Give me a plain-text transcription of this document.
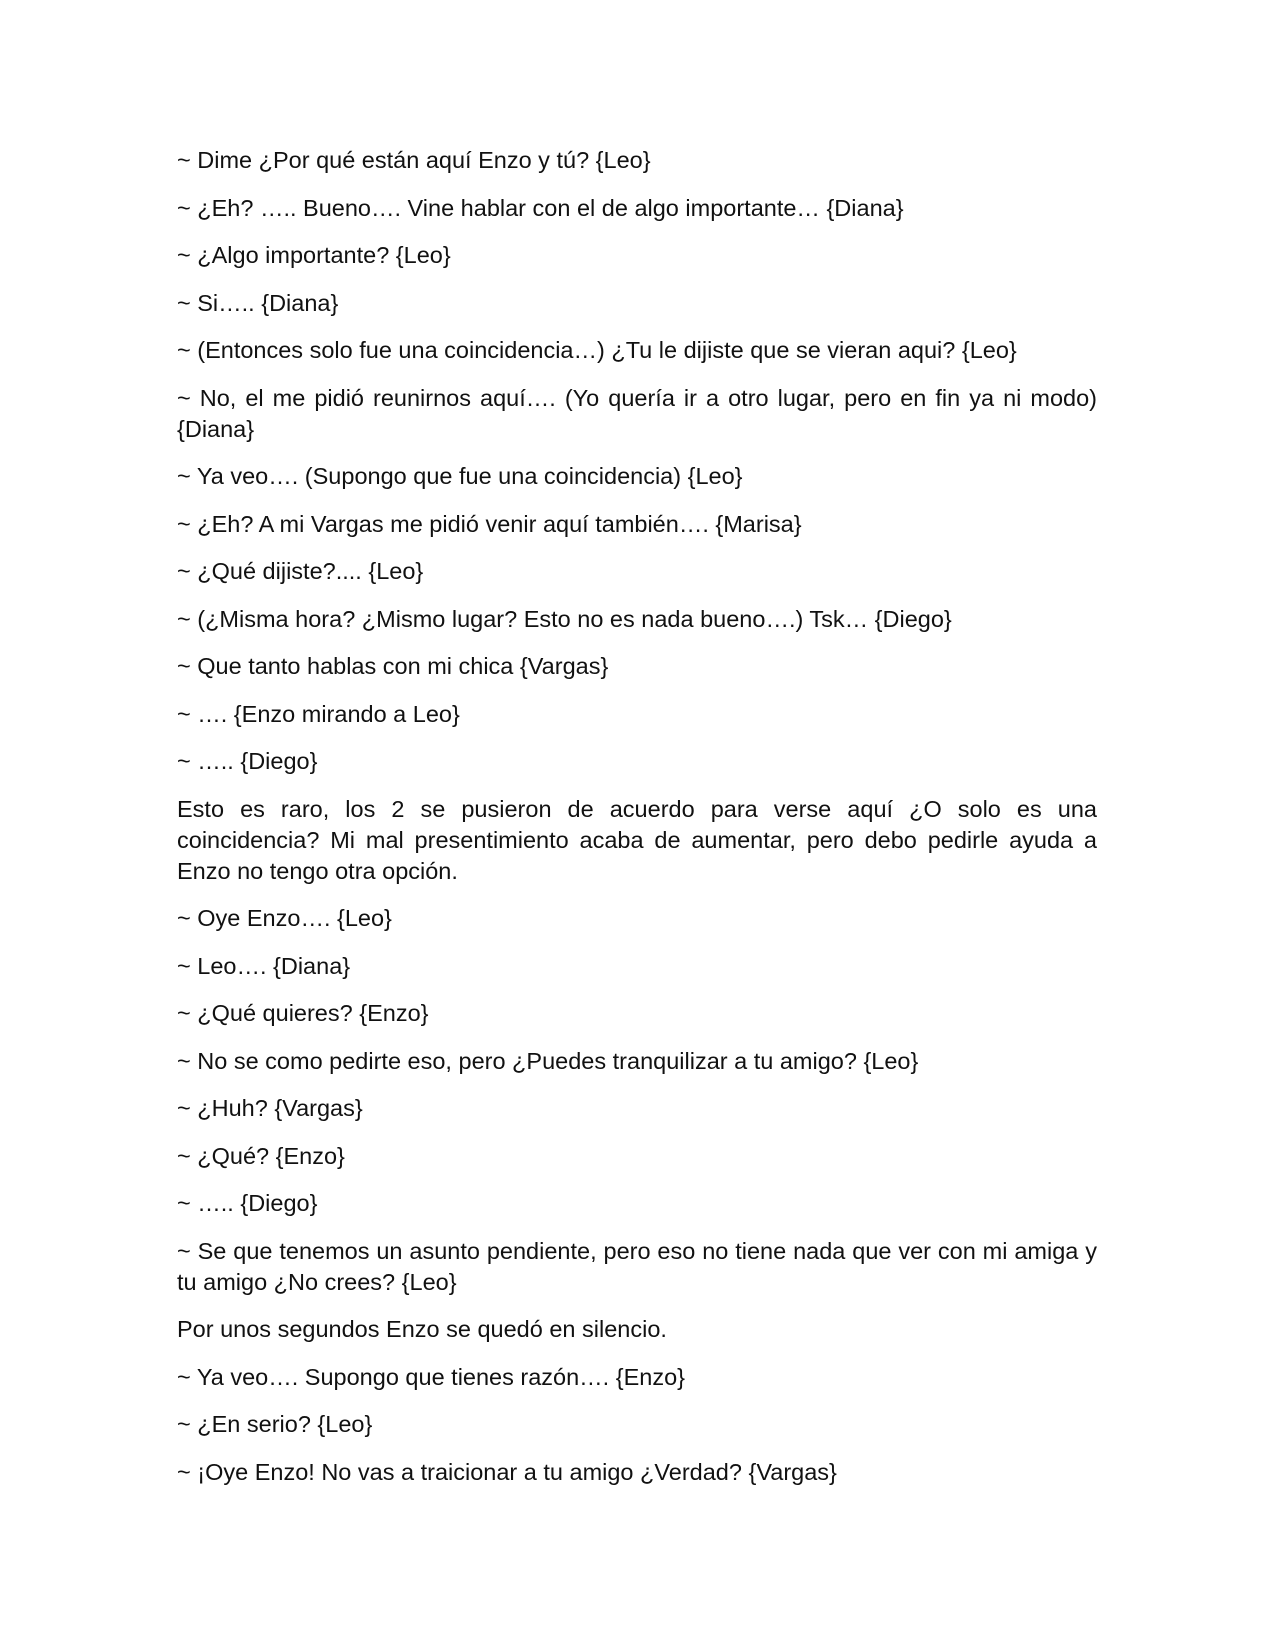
~ Dime ¿Por qué están aquí Enzo y tú? {Leo}

~ ¿Eh? ….. Bueno…. Vine hablar con el de algo importante… {Diana}

~ ¿Algo importante? {Leo}

~ Si….. {Diana}

~ (Entonces solo fue una coincidencia…) ¿Tu le dijiste que se vieran aqui? {Leo}

~ No, el me pidió reunirnos aquí…. (Yo quería ir a otro lugar, pero en fin ya ni modo) {Diana}

~ Ya veo…. (Supongo que fue una coincidencia) {Leo}

~ ¿Eh? A mi Vargas me pidió venir aquí también…. {Marisa}

~ ¿Qué dijiste?.... {Leo}

~ (¿Misma hora? ¿Mismo lugar? Esto no es nada bueno….) Tsk… {Diego}

~ Que tanto hablas con mi chica {Vargas}

~ …. {Enzo mirando a Leo}

~ ….. {Diego}

Esto es raro, los 2 se pusieron de acuerdo para verse aquí ¿O solo es una coincidencia? Mi mal presentimiento acaba de aumentar, pero debo pedirle ayuda a Enzo no tengo otra opción.

~ Oye Enzo…. {Leo}

~ Leo…. {Diana}

~ ¿Qué quieres? {Enzo}

~ No se como pedirte eso, pero ¿Puedes tranquilizar a tu amigo? {Leo}

~ ¿Huh? {Vargas}

~ ¿Qué? {Enzo}

~ ….. {Diego}

~ Se que tenemos un asunto pendiente, pero eso no tiene nada que ver con mi amiga y tu amigo ¿No crees? {Leo}

Por unos segundos Enzo se quedó en silencio.

~ Ya veo…. Supongo que tienes razón…. {Enzo}

~ ¿En serio? {Leo}

~ ¡Oye Enzo! No vas a traicionar a tu amigo ¿Verdad? {Vargas}
